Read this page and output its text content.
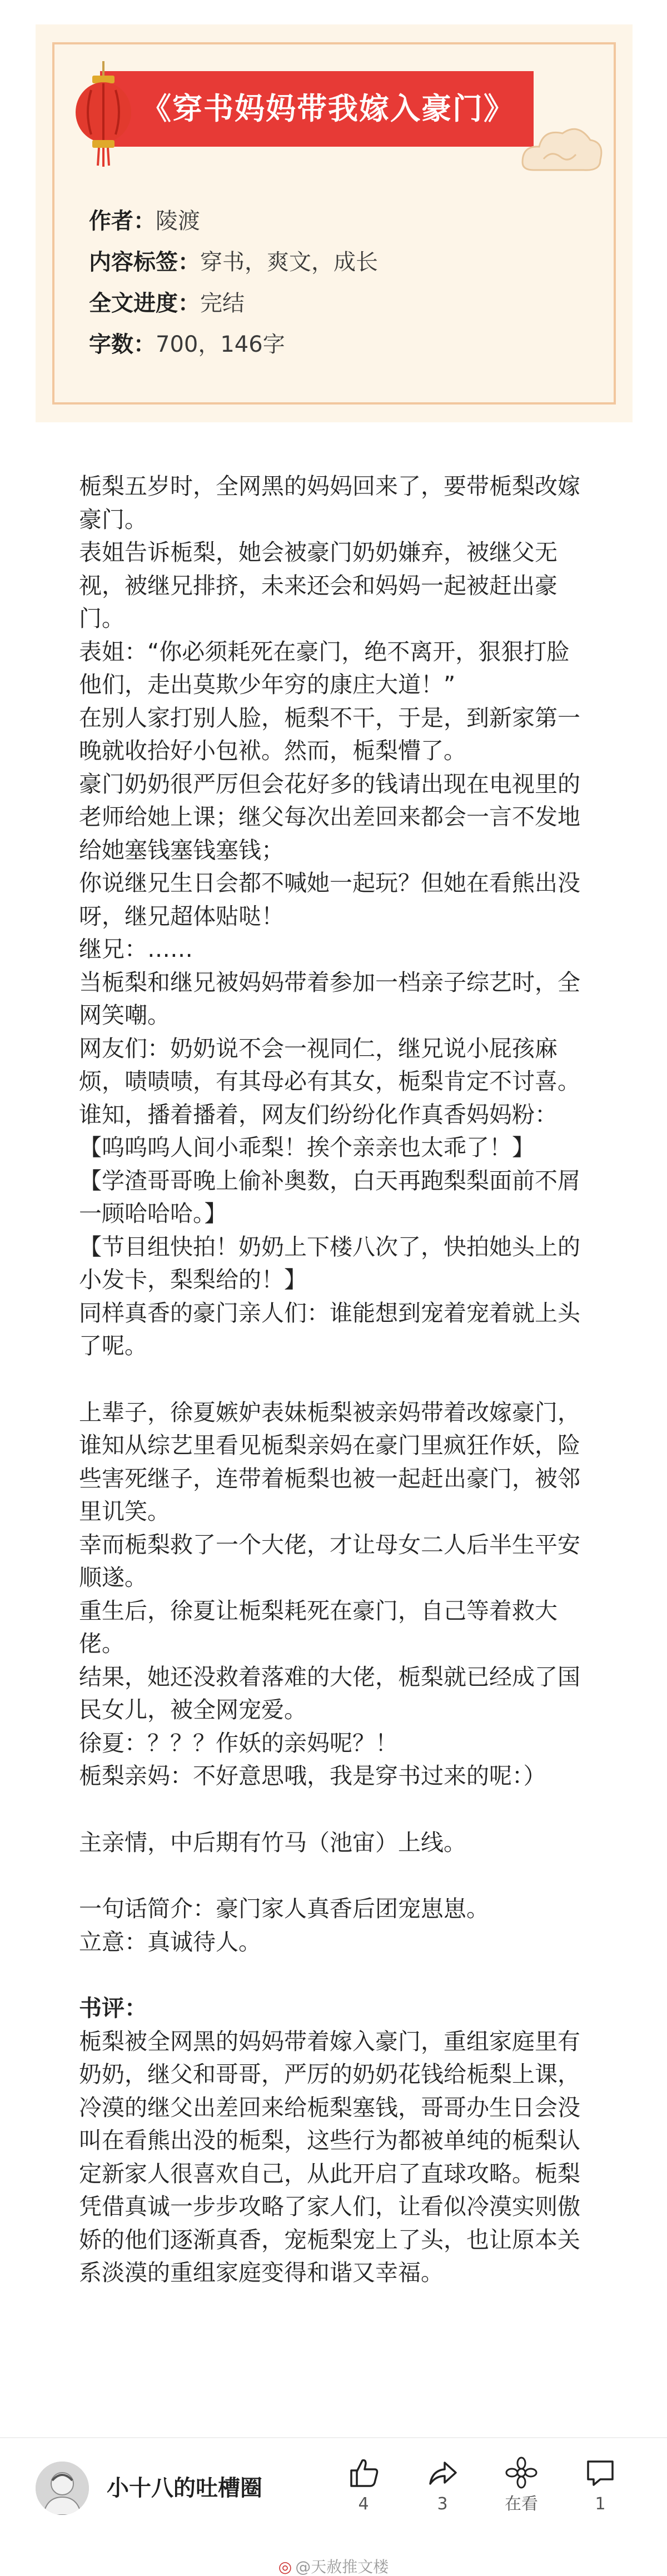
《穿书妈妈带我嫁入豪门》
作者：陵渡
内容标签：穿书，爽文，成长
全文进度：完结
字数：700，146字

栀梨五岁时，全网黑的妈妈回来了，要带栀梨改嫁豪门。

表姐告诉栀梨，她会被豪门奶奶嫌弃，被继父无视，被继兄排挤，未来还会和妈妈一起被赶出豪门。

表姐：“你必须耗死在豪门，绝不离开，狠狠打脸他们，走出莫欺少年穷的康庄大道！”

在别人家打别人脸，栀梨不干，于是，到新家第一晚就收拾好小包袱。然而，栀梨懵了。

豪门奶奶很严厉但会花好多的钱请出现在电视里的老师给她上课；继父每次出差回来都会一言不发地给她塞钱塞钱塞钱；

你说继兄生日会都不喊她一起玩？但她在看熊出没呀，继兄超体贴哒！

继兄：……

当栀梨和继兄被妈妈带着参加一档亲子综艺时，全网笑嘲。

网友们：奶奶说不会一视同仁，继兄说小屁孩麻烦，啧啧啧，有其母必有其女，栀梨肯定不讨喜。

谁知，播着播着，网友们纷纷化作真香妈妈粉：

【呜呜呜人间小乖梨！挨个亲亲也太乖了！】

【学渣哥哥晚上偷补奥数，白天再跑梨梨面前不屑一顾哈哈哈。】

【节目组快拍！奶奶上下楼八次了，快拍她头上的小发卡，梨梨给的！】

同样真香的豪门亲人们：谁能想到宠着宠着就上头了呢。

上辈子，徐夏嫉妒表妹栀梨被亲妈带着改嫁豪门，谁知从综艺里看见栀梨亲妈在豪门里疯狂作妖，险些害死继子，连带着栀梨也被一起赶出豪门，被邻里讥笑。

幸而栀梨救了一个大佬，才让母女二人后半生平安顺遂。

重生后，徐夏让栀梨耗死在豪门，自己等着救大佬。

结果，她还没救着落难的大佬，栀梨就已经成了国民女儿，被全网宠爱。

徐夏：？？？作妖的亲妈呢？！

栀梨亲妈：不好意思哦，我是穿书过来的呢：）

主亲情，中后期有竹马（池宙）上线。

一句话简介：豪门家人真香后团宠崽崽。

立意：真诚待人。

书评：

栀梨被全网黑的妈妈带着嫁入豪门，重组家庭里有奶奶，继父和哥哥，严厉的奶奶花钱给栀梨上课，冷漠的继父出差回来给栀梨塞钱，哥哥办生日会没叫在看熊出没的栀梨，这些行为都被单纯的栀梨认定新家人很喜欢自己，从此开启了直球攻略。栀梨凭借真诚一步步攻略了家人们，让看似冷漠实则傲娇的他们逐渐真香，宠栀梨宠上了头，也让原本关系淡漠的重组家庭变得和谐又幸福。

小十八的吐槽圈
4	3	在看	1
◎ @天赦推文楼
